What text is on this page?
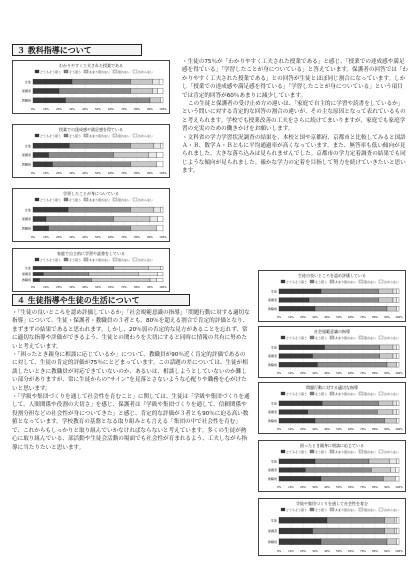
３ 教科指導について
わかりやすく工夫された授業である
とてもそう思う	そう思う	あまり思わない	思わない	わからない
0%	10%	20%	30%	40%	50%	60%	70%	80%	90% 100%
生徒
保護者
教職員
授業での達成感や満足感を得ている
とてもそう思う	そう思う	あまり思わない	思わない	わからない
0%	10%	20%	30%	40%	50%	60%	70%	80%	90% 100%
生徒
保護者
教職員
学習したことが身についている
とてもそう思う	そう思う	あまり思わない	思わない	わからない
0%	10%	20%	30%	40%	50%	60%	70%	80%	90% 100%
生徒
保護者
教職員
家庭で自主的に学習や読書をしている
とてもそう思う	そう思う	あまり思わない	思わない	わからない
0%	10%	20%	30%	40%	50%	60%	70%	80%	90% 100%
生徒
保護者
教職員

・生徒の75％が「わかりやすく工夫された授業である」と感じ、「授業での達成感や満足感を得ている」「学習したことが身についている」と答えています。保護者の回答では「わかりやすく工夫された授業である」との回答が生徒とほぼ同じ割合になっています。しかし「授業での達成感や満足感を得ている」「学習したことが身についている」という項目では肯定的回答が60％あまりに減少しています。

この生徒と保護者の受け止め方の違いは、「家庭で自主的に学習や読書をしているか」という問いに対する肯定的な回答の割合の違いが、その主な原因となって表れているものと考えられます。学校でも授業改善の工夫をさらに続けてまいりますが、家庭でも家庭学習の充実のための働きかけをお願いします。

・文科省の学力学習状況調査の結果を、本校と国や京都府、京都市と比較してみると国語Ａ・Ｂ、数学Ａ・Ｂともに平均通過率が高くなっています。また、無答率も低い傾向が見られました。大きな落ち込みは見られませんでした。京都市の学力定着調査の結果でも同じような傾向が見られました。確かな学力の定着を目指して努力を続けていきたいと思います。

４ 生徒指導や生徒の生活について

・「生徒の良いところを認め評価しているか」「社会規範意識の指導」「問題行動に対する適切な指導」について、生徒・保護者・教職員の３者とも、80％を超える割合で肯定的評価となり、まずまずの結果であると思われます。しかし、20％弱の否定的な見方があることを忘れず、常に適切な指導や評価ができるよう、生徒との関わりを大切にすると同時に情報の共有に努めたいと考えています。

・「困ったとき親身に相談に応じているか」について、教職員が90％近く肯定的評価であるのに対して、生徒の肯定的評価が75％にとどまっています。この話題の差については、生徒が相談したいときに教職員が対応できていないのか、あるいは、相談しようとしていないのか難しい部分がありますが、常に生徒からの“サイン”を見落とさないような心配りや職務を心がけたいと思います。

・「学級や集団づくりを通して社会性を育むこと」に関しては、生徒は「学級や集団づくりを通して、人間関係や役割の大切さ」を感じ、保護者は「学級や集団づくりを通して、信頼関係や役割分担などの社会性が身についてきた」と感じ、肯定的な評価が３者とも90％に迫る高い数値となっています。学校教育の基盤となる取り組みとも言える「集団の中で社会性を育む」で、これからもしっかりと取り組んでいかなければならないと考えています。多くの生徒が熱心に取り組んでいる、部活動や生徒会活動の場面でも社会性が育まれるよう、工夫しながら指導に当たりたいと思います。

生徒の良いところを認め評価している
とてもそう思う	そう思う	あまり思わない	思わない	わからない
0%	10% 20% 30% 40% 50% 60% 70% 80% 90% 100%
生徒
保護者
教職員
社会規範意識の指導
とてもそう思う	そう思う	あまり思わない	思わない	わからない
0%	10% 20% 30% 40% 50% 60% 70% 80% 90% 100%
生徒
保護者
教職員
問題行動に対する適切な指導
とてもそう思う	そう思う	あまり思わない	思わない	わからない
0%	10% 20% 30% 40% 50% 60% 70% 80% 90% 100%
生徒
保護者
教職員
困ったとき親身に相談に応じている
とてもそう思う	そう思う	あまり思わない	思わない	わからない
0%	10% 20% 30% 40% 50% 60% 70% 80% 90% 100%
生徒
保護者
教職員
学級や集団づくりを通して社会性を育む
とてもそう思う	そう思う	あまり思わない	思わない	わからない
0%	10% 20% 30% 40% 50% 60% 70% 80% 90% 100%
生徒
保護者
教職員
